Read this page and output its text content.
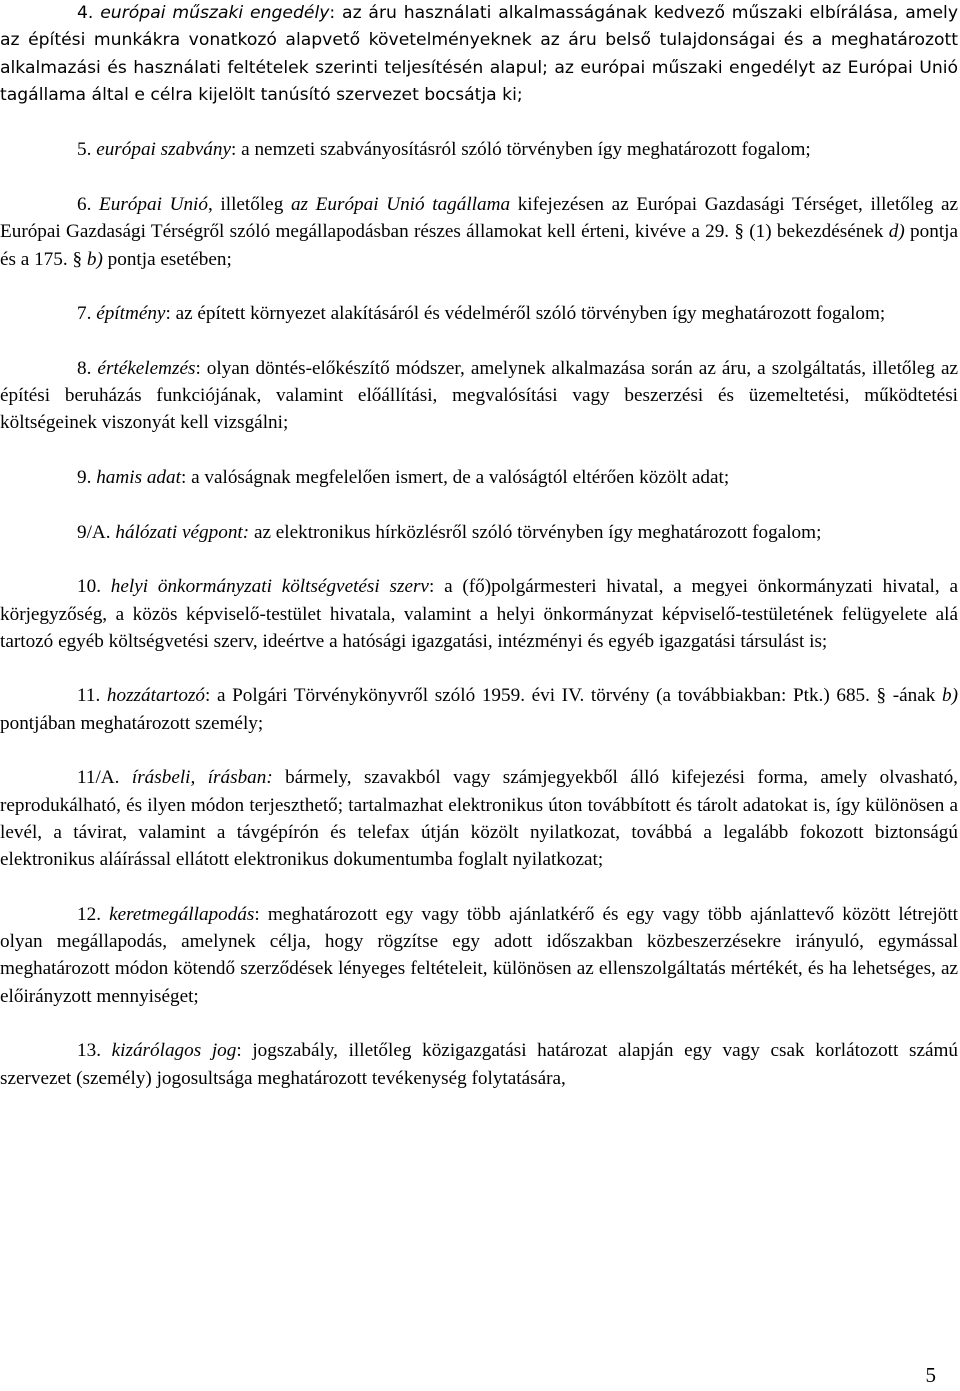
4. európai műszaki engedély: az áru használati alkalmasságának kedvező műszaki elbírálása, amely az építési munkákra vonatkozó alapvető követelményeknek az áru belső tulajdonságai és a meghatározott alkalmazási és használati feltételek szerinti teljesítésén alapul; az európai műszaki engedélyt az Európai Unió tagállama által e célra kijelölt tanúsító szervezet bocsátja ki;

5. európai szabvány: a nemzeti szabványosításról szóló törvényben így meghatározott fogalom;

6. Európai Unió, illetőleg az Európai Unió tagállama kifejezésen az Európai Gazdasági Térséget, illetőleg az Európai Gazdasági Térségről szóló megállapodásban részes államokat kell érteni, kivéve a 29. § (1) bekezdésének d) pontja és a 175. § b) pontja esetében;

7. építmény: az épített környezet alakításáról és védelméről szóló törvényben így meghatározott fogalom;

8. értékelemzés: olyan döntés-előkészítő módszer, amelynek alkalmazása során az áru, a szolgáltatás, illetőleg az építési beruházás funkciójának, valamint előállítási, megvalósítási vagy beszerzési és üzemeltetési, működtetési költségeinek viszonyát kell vizsgálni;

9. hamis adat: a valóságnak megfelelően ismert, de a valóságtól eltérően közölt adat;

9/A. hálózati végpont: az elektronikus hírközlésről szóló törvényben így meghatározott fogalom;

10. helyi önkormányzati költségvetési szerv: a (fő)polgármesteri hivatal, a megyei önkormányzati hivatal, a körjegyzőség, a közös képviselő-testület hivatala, valamint a helyi önkormányzat képviselő-testületének felügyelete alá tartozó egyéb költségvetési szerv, ideértve a hatósági igazgatási, intézményi és egyéb igazgatási társulást is;

11. hozzátartozó: a Polgári Törvénykönyvről szóló 1959. évi IV. törvény (a továbbiakban: Ptk.) 685. § -ának b) pontjában meghatározott személy;

11/A. írásbeli, írásban: bármely, szavakból vagy számjegyekből álló kifejezési forma, amely olvasható, reprodukálható, és ilyen módon terjeszthető; tartalmazhat elektronikus úton továbbított és tárolt adatokat is, így különösen a levél, a távirat, valamint a távgépírón és telefax útján közölt nyilatkozat, továbbá a legalább fokozott biztonságú elektronikus aláírással ellátott elektronikus dokumentumba foglalt nyilatkozat;

12. keretmegállapodás: meghatározott egy vagy több ajánlatkérő és egy vagy több ajánlattevő között létrejött olyan megállapodás, amelynek célja, hogy rögzítse egy adott időszakban közbeszerzésekre irányuló, egymással meghatározott módon kötendő szerződések lényeges feltételeit, különösen az ellenszolgáltatás mértékét, és ha lehetséges, az előirányzott mennyiséget;

13. kizárólagos jog: jogszabály, illetőleg közigazgatási határozat alapján egy vagy csak korlátozott számú szervezet (személy) jogosultsága meghatározott tevékenység folytatására,

5
